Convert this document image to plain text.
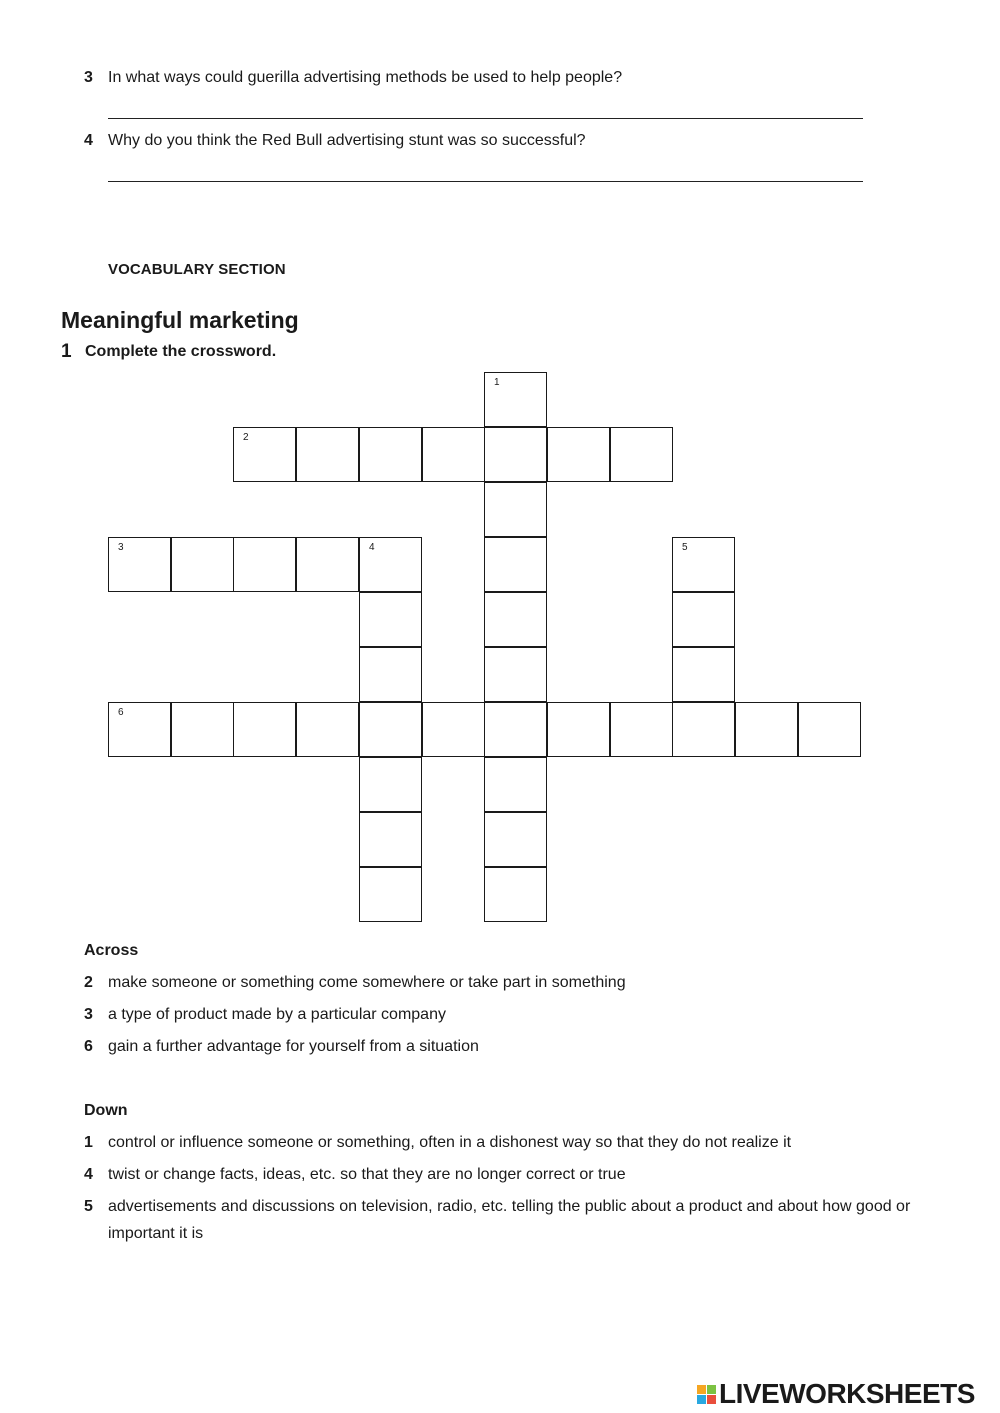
3 In what ways could guerilla advertising methods be used to help people?
4 Why do you think the Red Bull advertising stunt was so successful?
VOCABULARY SECTION
Meaningful marketing
1 Complete the crossword.
1
2
3	4	5
6
Across
2 make someone or something come somewhere or take part in something
3 a type of product made by a particular company
6 gain a further advantage for yourself from a situation
Down
1 control or influence someone or something, often in a dishonest way so that they do not realize it
4 twist or change facts, ideas, etc. so that they are no longer correct or true
5 advertisements and discussions on television, radio, etc. telling the public about a product and about how good or important it is
LIVEWORKSHEETS
